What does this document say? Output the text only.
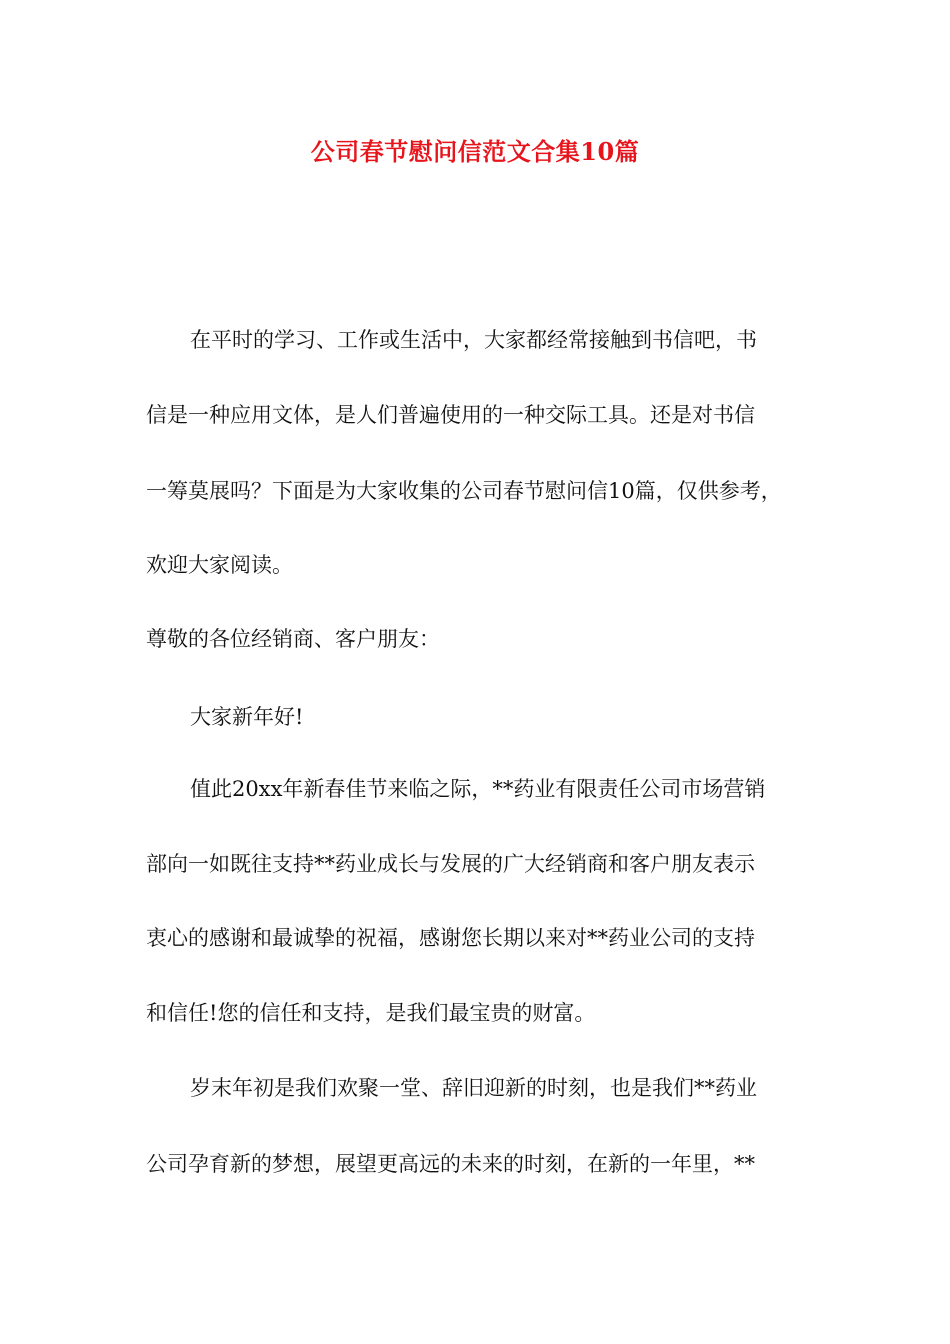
公司春节慰问信范文合集10篇
在平时的学习、工作或生活中，大家都经常接触到书信吧，书
信是一种应用文体，是人们普遍使用的一种交际工具。还是对书信
一筹莫展吗？下面是为大家收集的公司春节慰问信10篇，仅供参考，
欢迎大家阅读。
尊敬的各位经销商、客户朋友：
大家新年好!
值此20xx年新春佳节来临之际，**药业有限责任公司市场营销
部向一如既往支持**药业成长与发展的广大经销商和客户朋友表示
衷心的感谢和最诚挚的祝福，感谢您长期以来对**药业公司的支持
和信任!您的信任和支持，是我们最宝贵的财富。
岁末年初是我们欢聚一堂、辞旧迎新的时刻，也是我们**药业
公司孕育新的梦想，展望更高远的未来的时刻，在新的一年里，**
